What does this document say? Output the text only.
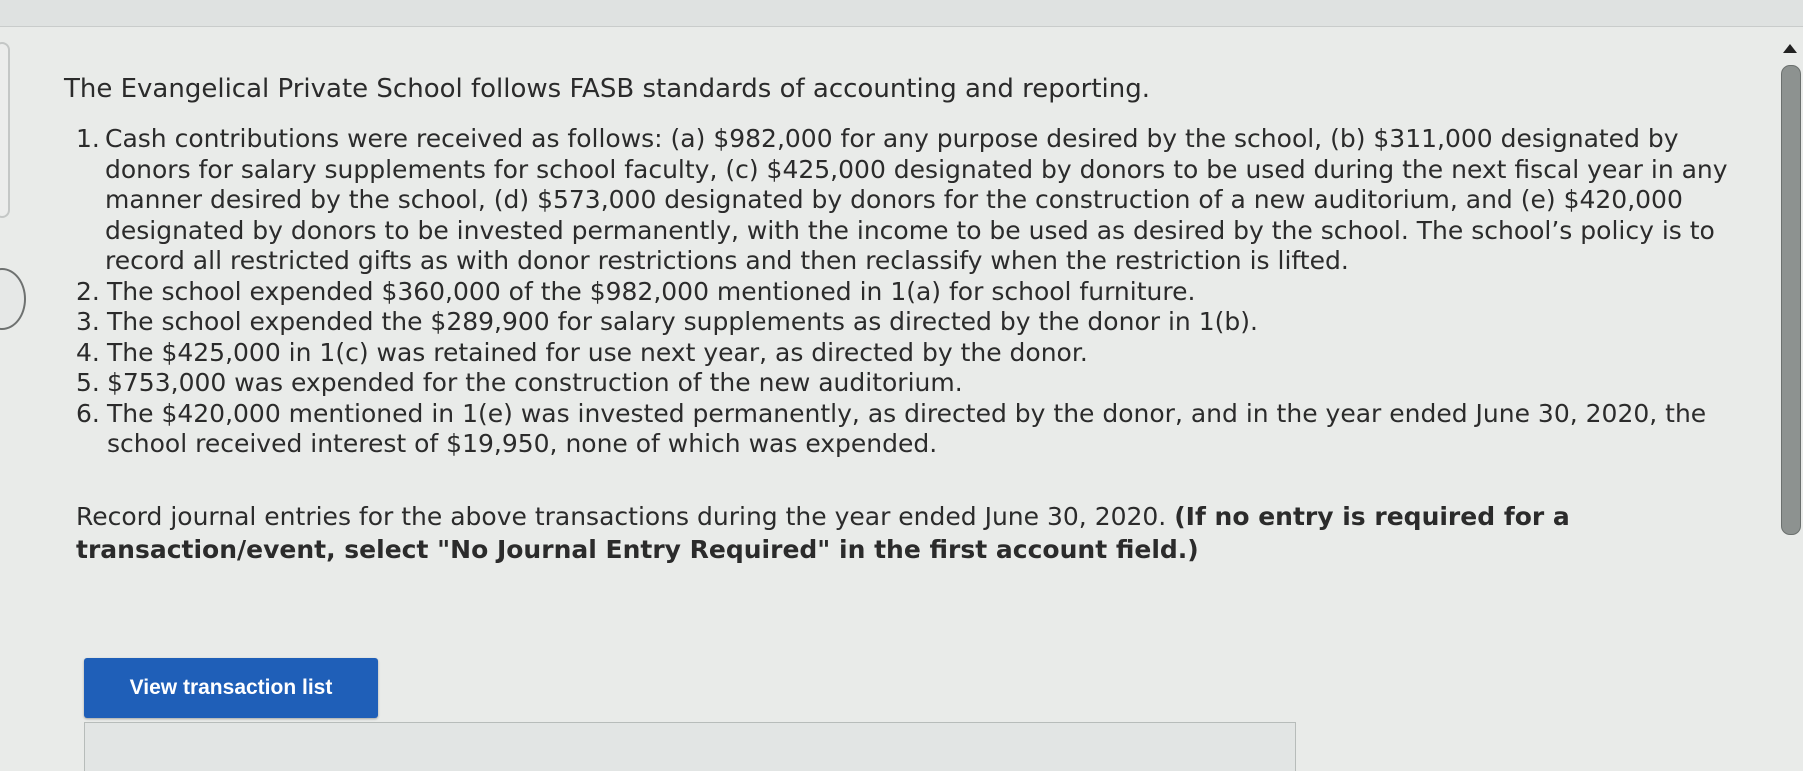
The Evangelical Private School follows FASB standards of accounting and reporting.

1. Cash contributions were received as follows: (a) $982,000 for any purpose desired by the school, (b) $311,000 designated by
donors for salary supplements for school faculty, (c) $425,000 designated by donors to be used during the next fiscal year in any
manner desired by the school, (d) $573,000 designated by donors for the construction of a new auditorium, and (e) $420,000
designated by donors to be invested permanently, with the income to be used as desired by the school. The school’s policy is to
record all restricted gifts as with donor restrictions and then reclassify when the restriction is lifted.
2. The school expended $360,000 of the $982,000 mentioned in 1(a) for school furniture.
3. The school expended the $289,900 for salary supplements as directed by the donor in 1(b).
4. The $425,000 in 1(c) was retained for use next year, as directed by the donor.
5. $753,000 was expended for the construction of the new auditorium.
6. The $420,000 mentioned in 1(e) was invested permanently, as directed by the donor, and in the year ended June 30, 2020, the
school received interest of $19,950, none of which was expended.

Record journal entries for the above transactions during the year ended June 30, 2020. (If no entry is required for a transaction/event, select "No Journal Entry Required" in the first account field.)

View transaction list
